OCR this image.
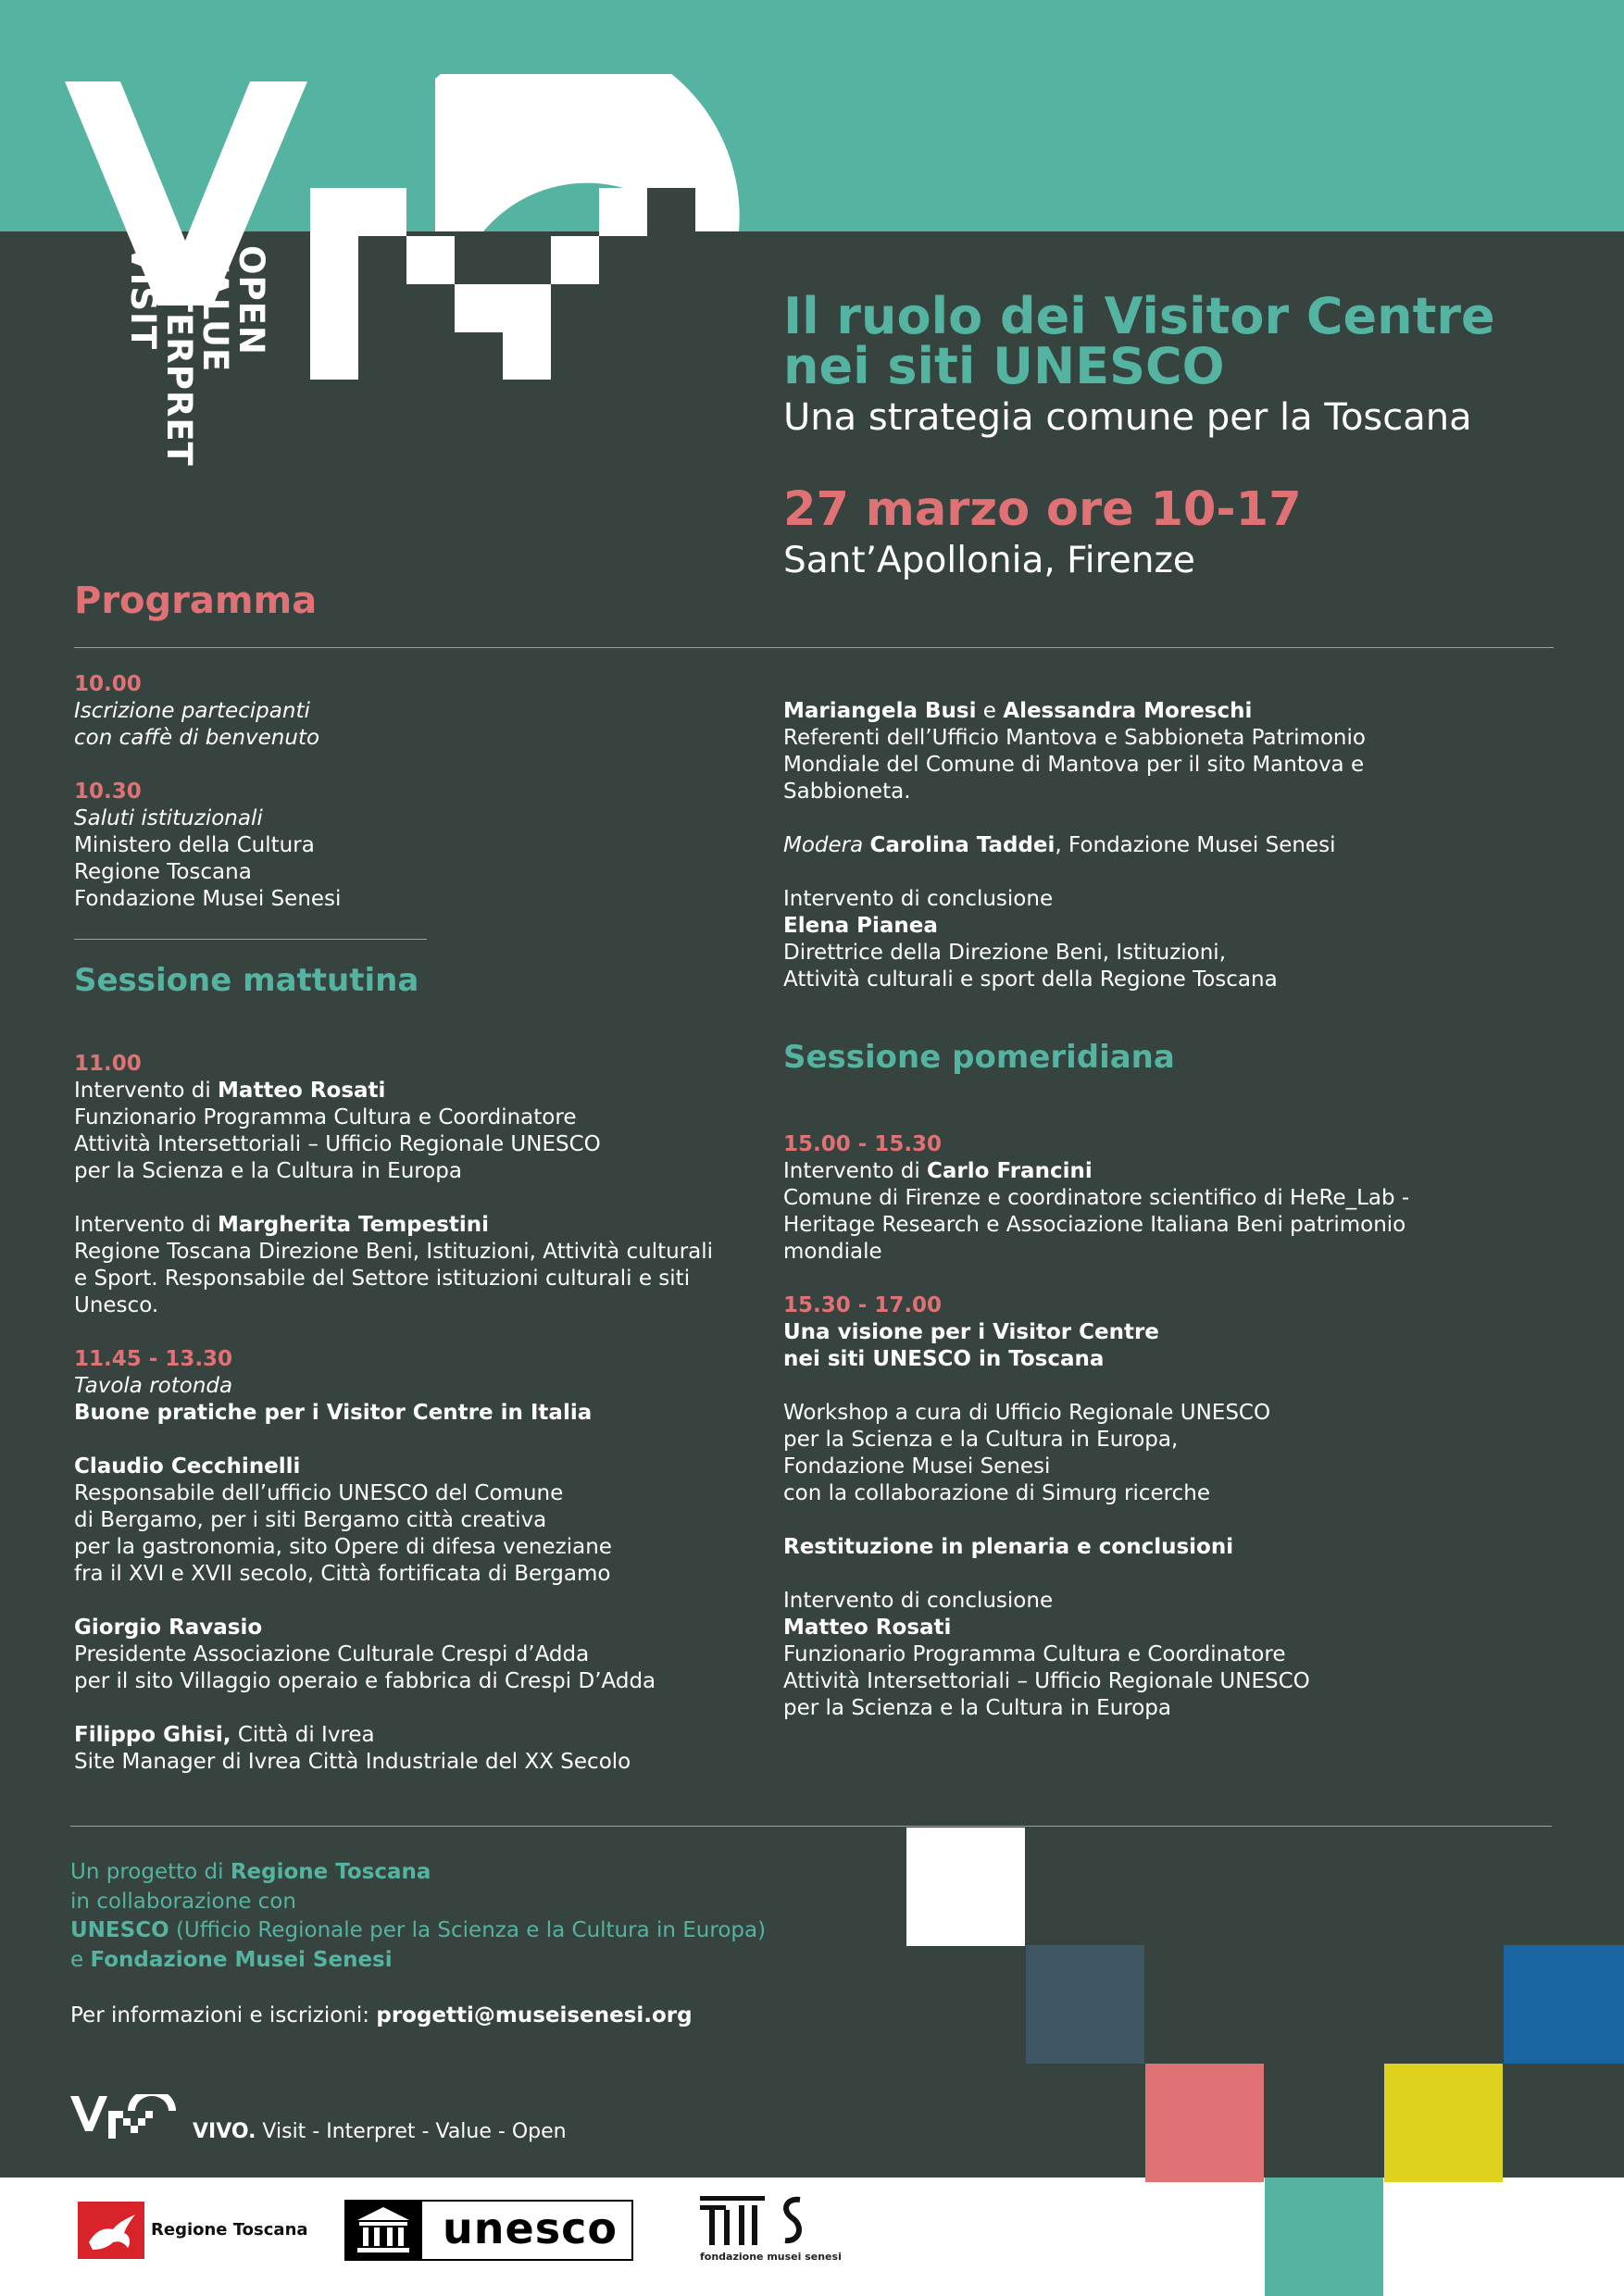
OPEN
VALUE
INTERPRET
VISIT	Il ruolo dei Visitor Centre
nei siti UNESCO
Una strategia comune per la Toscana
27 marzo ore 10-17
Sant’Apollonia, Firenze
Programma
10.00
Iscrizione partecipanti
con caffè di benvenuto
10.30
Saluti istituzionali
Ministero della Cultura
Regione Toscana
Fondazione Musei Senesi
Sessione mattutina
11.00
Intervento di Matteo Rosati
Funzionario Programma Cultura e Coordinatore
Attività Intersettoriali – Ufficio Regionale UNESCO
per la Scienza e la Cultura in Europa
Intervento di Margherita Tempestini
Regione Toscana Direzione Beni, Istituzioni, Attività culturali
e Sport. Responsabile del Settore istituzioni culturali e siti
Unesco.
11.45 - 13.30
Tavola rotonda
Buone pratiche per i Visitor Centre in Italia
Claudio Cecchinelli
Responsabile dell’ufficio UNESCO del Comune
di Bergamo, per i siti Bergamo città creativa
per la gastronomia, sito Opere di difesa veneziane
fra il XVI e XVII secolo, Città fortificata di Bergamo
Giorgio Ravasio
Presidente Associazione Culturale Crespi d’Adda
per il sito Villaggio operaio e fabbrica di Crespi D’Adda
Filippo Ghisi, Città di Ivrea
Site Manager di Ivrea Città Industriale del XX Secolo
Mariangela Busi e Alessandra Moreschi
Referenti dell’Ufficio Mantova e Sabbioneta Patrimonio
Mondiale del Comune di Mantova per il sito Mantova e
Sabbioneta.
Modera Carolina Taddei, Fondazione Musei Senesi
Intervento di conclusione
Elena Pianea
Direttrice della Direzione Beni, Istituzioni,
Attività culturali e sport della Regione Toscana
Sessione pomeridiana
15.00 - 15.30
Intervento di Carlo Francini
Comune di Firenze e coordinatore scientifico di HeRe_Lab -
Heritage Research e Associazione Italiana Beni patrimonio
mondiale
15.30 - 17.00
Una visione per i Visitor Centre
nei siti UNESCO in Toscana
Workshop a cura di Ufficio Regionale UNESCO
per la Scienza e la Cultura in Europa,
Fondazione Musei Senesi
con la collaborazione di Simurg ricerche
Restituzione in plenaria e conclusioni
Intervento di conclusione
Matteo Rosati
Funzionario Programma Cultura e Coordinatore
Attività Intersettoriali – Ufficio Regionale UNESCO
per la Scienza e la Cultura in Europa
Un progetto di Regione Toscana
in collaborazione con
UNESCO (Ufficio Regionale per la Scienza e la Cultura in Europa)
e Fondazione Musei Senesi
Per informazioni e iscrizioni: progetti@museisenesi.org
VIVO. Visit - Interpret - Value - Open
Regione Toscana	unesco
fondazione musei senesi
